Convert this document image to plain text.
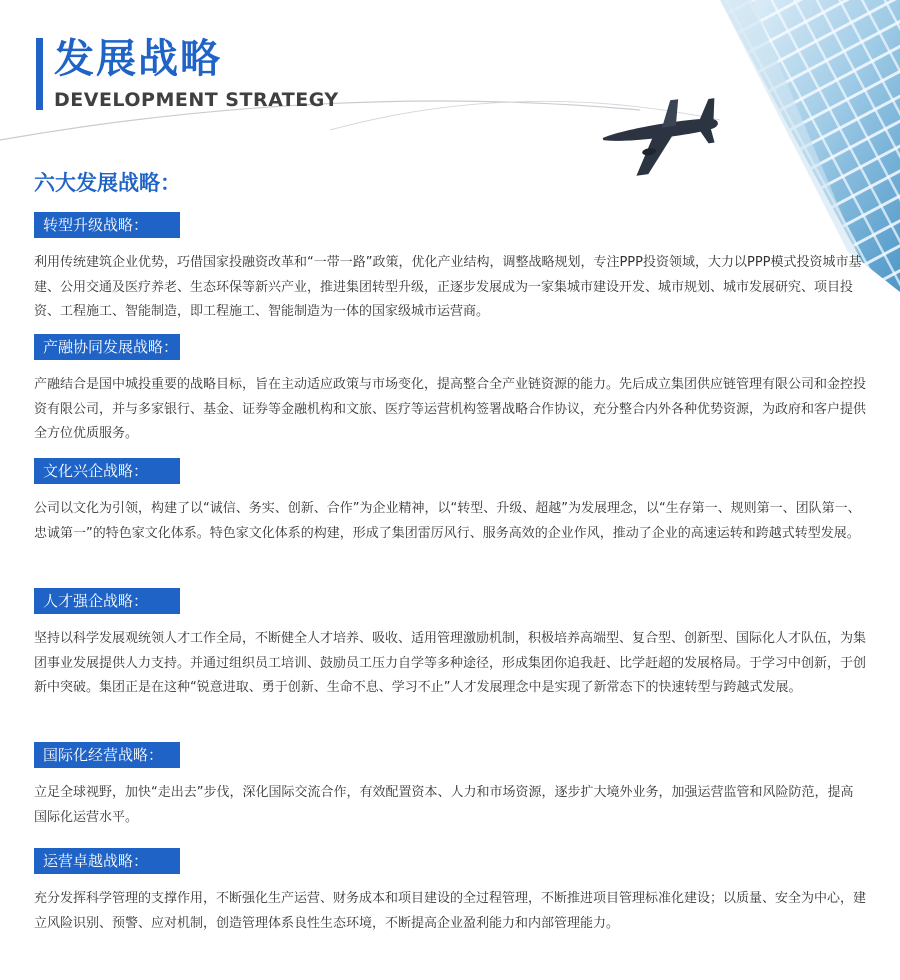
发展战略
DEVELOPMENT STRATEGY
六大发展战略：
转型升级战略：
利用传统建筑企业优势，巧借国家投融资改革和“一带一路”政策，优化产业结构，调整战略规划，专注PPP投资领域，大力以PPP模式投资城市基建、公用交通及医疗养老、生态环保等新兴产业，推进集团转型升级，正逐步发展成为一家集城市建设开发、城市规划、城市发展研究、项目投资、工程施工、智能制造，即工程施工、智能制造为一体的国家级城市运营商。
产融协同发展战略：
产融结合是国中城投重要的战略目标，旨在主动适应政策与市场变化，提高整合全产业链资源的能力。先后成立集团供应链管理有限公司和金控投资有限公司，并与多家银行、基金、证券等金融机构和文旅、医疗等运营机构签署战略合作协议，充分整合内外各种优势资源，为政府和客户提供全方位优质服务。
文化兴企战略：
公司以文化为引领，构建了以“诚信、务实、创新、合作”为企业精神，以“转型、升级、超越”为发展理念，以“生存第一、规则第一、团队第一、忠诚第一”的特色家文化体系。特色家文化体系的构建，形成了集团雷厉风行、服务高效的企业作风，推动了企业的高速运转和跨越式转型发展。
人才强企战略：
坚持以科学发展观统领人才工作全局，不断健全人才培养、吸收、适用管理激励机制，积极培养高端型、复合型、创新型、国际化人才队伍，为集团事业发展提供人力支持。并通过组织员工培训、鼓励员工压力自学等多种途径，形成集团你追我赶、比学赶超的发展格局。于学习中创新，于创新中突破。集团正是在这种“锐意进取、勇于创新、生命不息、学习不止”人才发展理念中是实现了新常态下的快速转型与跨越式发展。
国际化经营战略：
立足全球视野，加快“走出去”步伐，深化国际交流合作，有效配置资本、人力和市场资源，逐步扩大境外业务，加强运营监管和风险防范，提高国际化运营水平。
运营卓越战略：
充分发挥科学管理的支撑作用，不断强化生产运营、财务成本和项目建设的全过程管理，不断推进项目管理标准化建设；以质量、安全为中心，建立风险识别、预警、应对机制，创造管理体系良性生态环境，不断提高企业盈利能力和内部管理能力。
